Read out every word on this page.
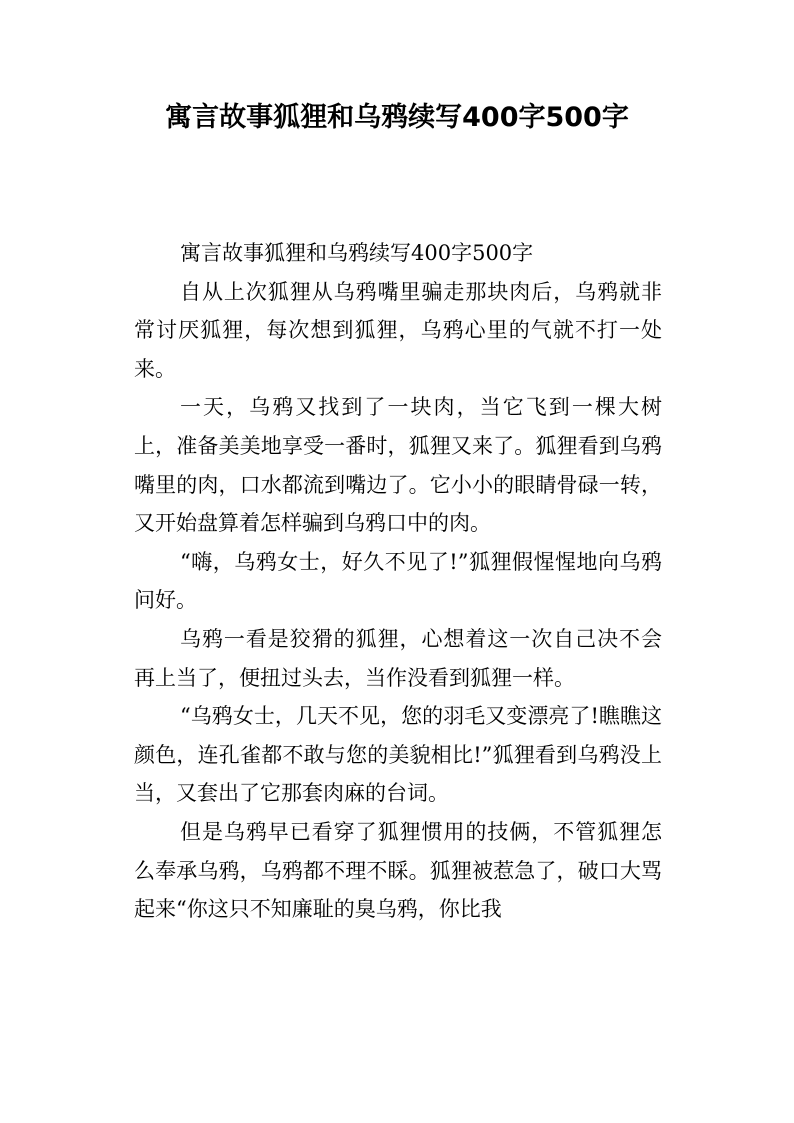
寓言故事狐狸和乌鸦续写400字500字

寓言故事狐狸和乌鸦续写400字500字

自从上次狐狸从乌鸦嘴里骗走那块肉后，乌鸦就非常讨厌狐狸，每次想到狐狸，乌鸦心里的气就不打一处来。

一天，乌鸦又找到了一块肉，当它飞到一棵大树上，准备美美地享受一番时，狐狸又来了。狐狸看到乌鸦嘴里的肉，口水都流到嘴边了。它小小的眼睛骨碌一转，又开始盘算着怎样骗到乌鸦口中的肉。

“嗨，乌鸦女士，好久不见了!”狐狸假惺惺地向乌鸦问好。

乌鸦一看是狡猾的狐狸，心想着这一次自己决不会再上当了，便扭过头去，当作没看到狐狸一样。

“乌鸦女士，几天不见，您的羽毛又变漂亮了!瞧瞧这颜色，连孔雀都不敢与您的美貌相比!”狐狸看到乌鸦没上当，又套出了它那套肉麻的台词。

但是乌鸦早已看穿了狐狸惯用的技俩，不管狐狸怎么奉承乌鸦，乌鸦都不理不睬。狐狸被惹急了，破口大骂起来“你这只不知廉耻的臭乌鸦，你比我
